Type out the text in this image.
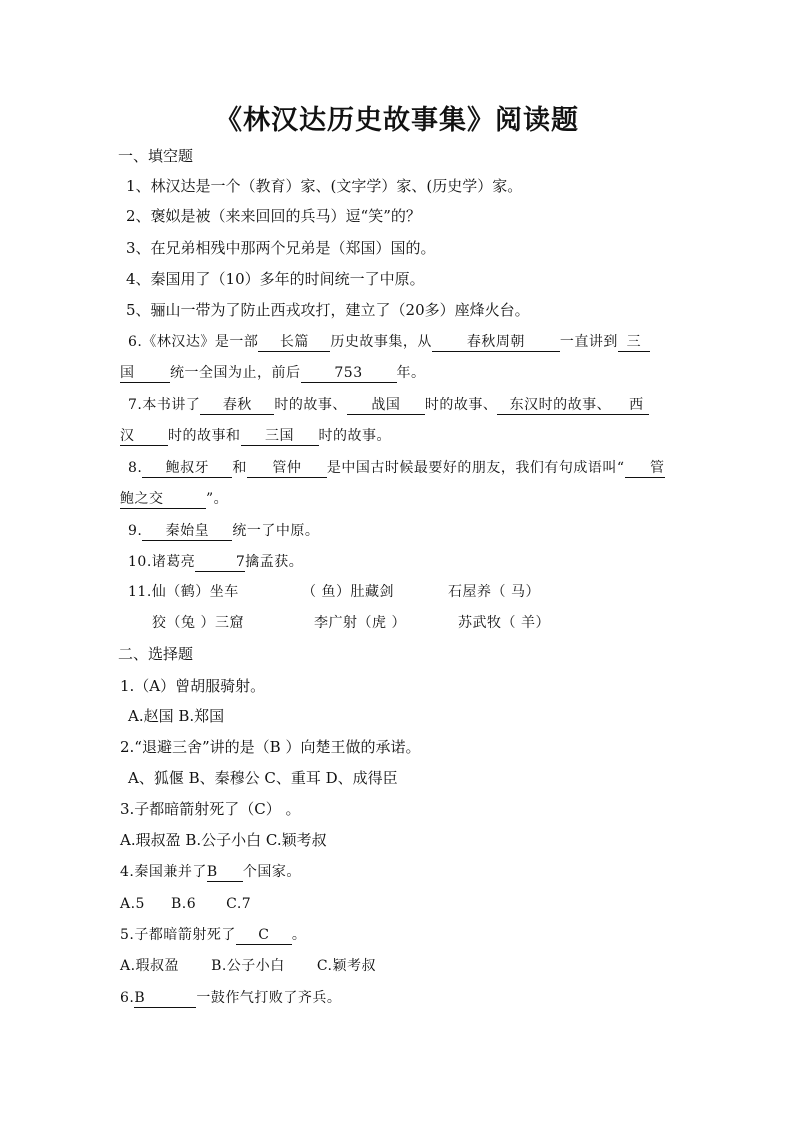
《林汉达历史故事集》阅读题
一、填空题
1、林汉达是一个（教育）家、(文字学）家、(历史学）家。
2、褒姒是被（来来回回的兵马）逗“笑”的？
3、在兄弟相残中那两个兄弟是（郑国）国的。
4、秦国用了（10）多年的时间统一了中原。
5、骊山一带为了防止西戎攻打，建立了（20多）座烽火台。
6.《林汉达》是一部 长篇 历史故事集，从	春秋周朝	一直讲到 三
国	统一全国为止，前后 753 年。
7.本书讲了 春秋 时的故事、 战国 时的故事、 东汉时的故事、 西
汉 时的故事和 三国 时的故事。
8. 鲍叔牙 和 管仲 是中国古时候最要好的朋友，我们有句成语叫“ 管
鲍之交	”。
9. 秦始皇 统一了中原。
10.诸葛亮	7擒孟获。
11.仙（鹤）坐车	（ 鱼）肚藏剑	石屋养（ 马）
狡（兔 ）三窟	李广射（虎 ）	苏武牧（ 羊）
二、选择题
1.（A）曾胡服骑射。
A.赵国 B.郑国
2.“退避三舍”讲的是（B ）向楚王做的承诺。
A、狐偃 B、秦穆公 C、重耳 D、成得臣
3.子都暗箭射死了（C） 。
A.瑕叔盈 B.公子小白 C.颖考叔
4.秦国兼并了B 个国家。
A.5 B.6 C.7
5.子都暗箭射死了 C 。
A.瑕叔盈 B.公子小白 C.颖考叔
6.B	一鼓作气打败了齐兵。
